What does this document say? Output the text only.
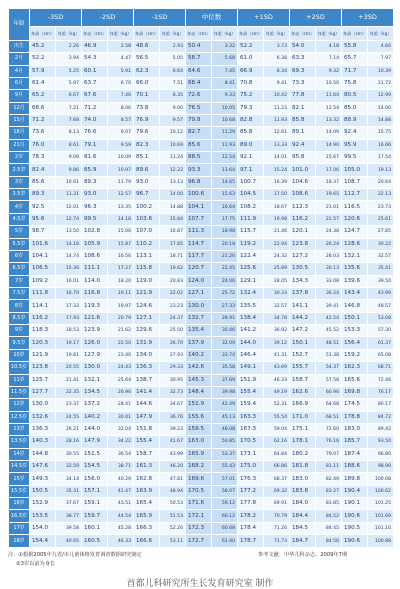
年龄	-3SD		-2SD		-1SD		中位数		+1SD		+2SD		+3SD	
	身高（cm）	体重（kg）	身高（cm）	体重（kg）	身高（cm）	体重（kg）	身高（cm）	体重（kg）	身高（cm）	体重（kg）	身高（cm）	体重（kg）	身高（cm）	体重（kg）
出生	45.2	2.26	46.9	2.58	48.6	2.93	50.4	3.32	52.2	3.73	54.0	4.18	55.8	4.66
2月	52.2	3.94	54.3	4.47	56.5	5.05	58.7	5.68	61.0	6.38	63.3	7.14	65.7	7.97
4月	57.9	5.25	60.1	5.91	62.3	6.64	64.6	7.45	66.9	8.34	69.3	9.32	71.7	10.39
6月	61.4	5.97	63.7	6.70	66.0	7.51	68.4	8.41	70.8	9.41	73.3	10.50	75.8	11.72
9月	65.2	6.67	67.6	7.46	70.1	8.35	72.6	9.33	75.2	10.42	77.8	11.64	80.5	12.99
12月	68.6	7.21	71.2	8.06	73.8	9.00	76.5	10.05	79.3	11.23	82.1	12.54	85.0	14.00
15月	71.2	7.68	74.0	8.57	76.9	9.57	79.8	10.68	82.8	11.93	85.8	13.32	88.9	14.88
18月	73.6	8.13	76.6	9.07	79.6	10.12	82.7	11.29	85.8	12.61	89.1	14.09	92.4	15.75
21月	76.0	8.61	79.1	9.59	82.3	10.69	85.6	11.93	89.0	13.33	92.4	14.90	95.9	16.66
2岁	78.3	9.06	81.6	10.09	85.1	11.24	88.5	12.54	92.1	14.01	95.8	15.67	99.5	17.54
2.5岁	82.4	9.86	85.9	10.97	89.6	12.22	93.3	13.64	97.1	15.24	101.0	17.06	105.0	19.13
3岁	85.6	10.61	89.3	11.79	93.0	13.13	96.8	14.65	100.7	16.39	104.6	18.37	108.7	20.64
3.5岁	89.3	11.31	93.0	12.57	96.7	14.00	100.6	15.63	104.5	17.50	108.6	19.65	112.7	22.13
4岁	92.5	12.01	96.3	13.35	100.2	14.88	104.1	16.64	108.2	18.67	112.3	21.01	116.5	23.73
4.5岁	95.6	12.74	99.5	14.18	103.6	15.84	107.7	17.75	111.9	19.98	116.2	22.57	120.6	25.61
5岁	98.7	13.50	102.8	15.06	107.0	16.87	111.3	18.98	115.7	21.46	120.1	24.38	124.7	27.85
5.5岁	101.6	14.18	105.9	15.87	110.2	17.85	114.7	20.18	119.2	22.94	123.8	26.24	128.6	30.22
6岁	104.1	14.74	108.6	16.56	113.1	18.71	117.7	21.26	122.4	24.32	127.2	28.03	132.1	32.57
6.5岁	106.5	15.30	111.1	17.27	115.8	19.62	120.7	22.45	125.6	25.89	130.5	30.13	135.6	35.41
7岁	109.2	16.01	114.0	18.20	119.0	20.83	124.0	24.06	129.1	28.05	134.3	33.08	139.6	39.50
7.5岁	111.8	16.70	116.8	19.11	121.9	22.02	127.1	25.72	132.4	30.33	137.8	36.24	143.4	43.99
8岁	114.1	17.33	119.3	19.97	124.6	23.23	130.0	27.33	135.5	32.57	141.1	39.41	146.8	48.57
8.5岁	116.2	17.93	121.6	20.79	127.1	24.37	132.7	28.91	138.4	34.78	144.2	42.54	150.1	53.08
9岁	118.3	18.53	123.9	21.62	129.6	25.50	135.4	30.46	141.2	36.92	147.2	45.52	153.3	57.30
9.5岁	120.3	19.17	126.0	22.50	131.9	26.70	137.9	32.09	144.0	39.12	150.1	48.51	156.4	61.37
10岁	121.9	19.81	127.9	23.40	134.0	27.93	140.2	33.74	146.4	41.31	152.7	51.38	159.2	65.08
10.5岁	123.8	20.55	130.0	24.43	136.3	29.33	142.6	35.58	149.1	43.69	155.7	54.37	162.3	68.71
11岁	125.7	21.41	132.1	25.64	138.7	30.95	145.3	37.69	151.9	46.33	158.7	57.58	165.6	72.46
11.5岁	127.7	22.35	134.5	26.96	141.4	32.73	148.4	39.98	155.4	49.19	162.6	60.96	169.8	76.17
12岁	130.0	23.37	137.2	28.41	144.6	34.67	151.9	42.49	159.4	52.31	166.9	64.68	174.5	80.17
12.5岁	132.6	24.55	140.2	30.01	147.9	36.76	155.6	45.13	163.3	55.54	171.0	68.51	178.8	84.72
13岁	136.3	26.21	144.0	32.04	151.8	39.23	159.5	48.08	167.3	59.04	175.1	72.60	183.0	89.42
13.5岁	140.3	28.16	147.9	34.22	155.4	41.67	163.0	50.85	170.5	62.16	178.1	76.16	185.7	93.50
14岁	144.8	30.55	151.5	36.54	158.7	43.99	165.9	53.37	173.1	64.84	180.2	79.07	187.4	96.80
14.5岁	147.6	32.59	154.5	38.71	161.3	46.20	168.2	55.43	175.0	66.86	181.8	81.11	188.6	98.90
15岁	149.3	34.14	156.0	40.29	162.8	47.81	169.6	57.01	176.3	68.37	183.0	82.49	189.8	100.08
15.5岁	150.5	35.31	157.1	41.47	163.9	48.94	170.5	58.07	177.2	69.32	183.8	83.27	190.4	100.62
16岁	152.9	37.67	159.1	43.51	165.4	50.53	171.6	59.12	177.8	69.91	184.0	83.85	190.1	101.25
16.5岁	153.5	38.77	159.7	44.54	165.9	51.53	172.1	60.12	178.2	70.79	184.4	84.52	190.6	101.69
17岁	154.0	39.58	160.1	45.28	166.3	52.20	172.3	60.68	178.4	71.20	184.5	84.45	190.5	101.10
18岁	154.4	40.65	160.5	46.33	166.6	53.11	172.7	61.40	178.7	71.73	184.7	84.56	190.6	100.88
注：①根据2005年九省/市儿童体格发育调查数据研究制定
②3岁以前为身长
参考文献：中华儿科杂志，2009年7期
首都儿科研究所生长发育研究室 制作
